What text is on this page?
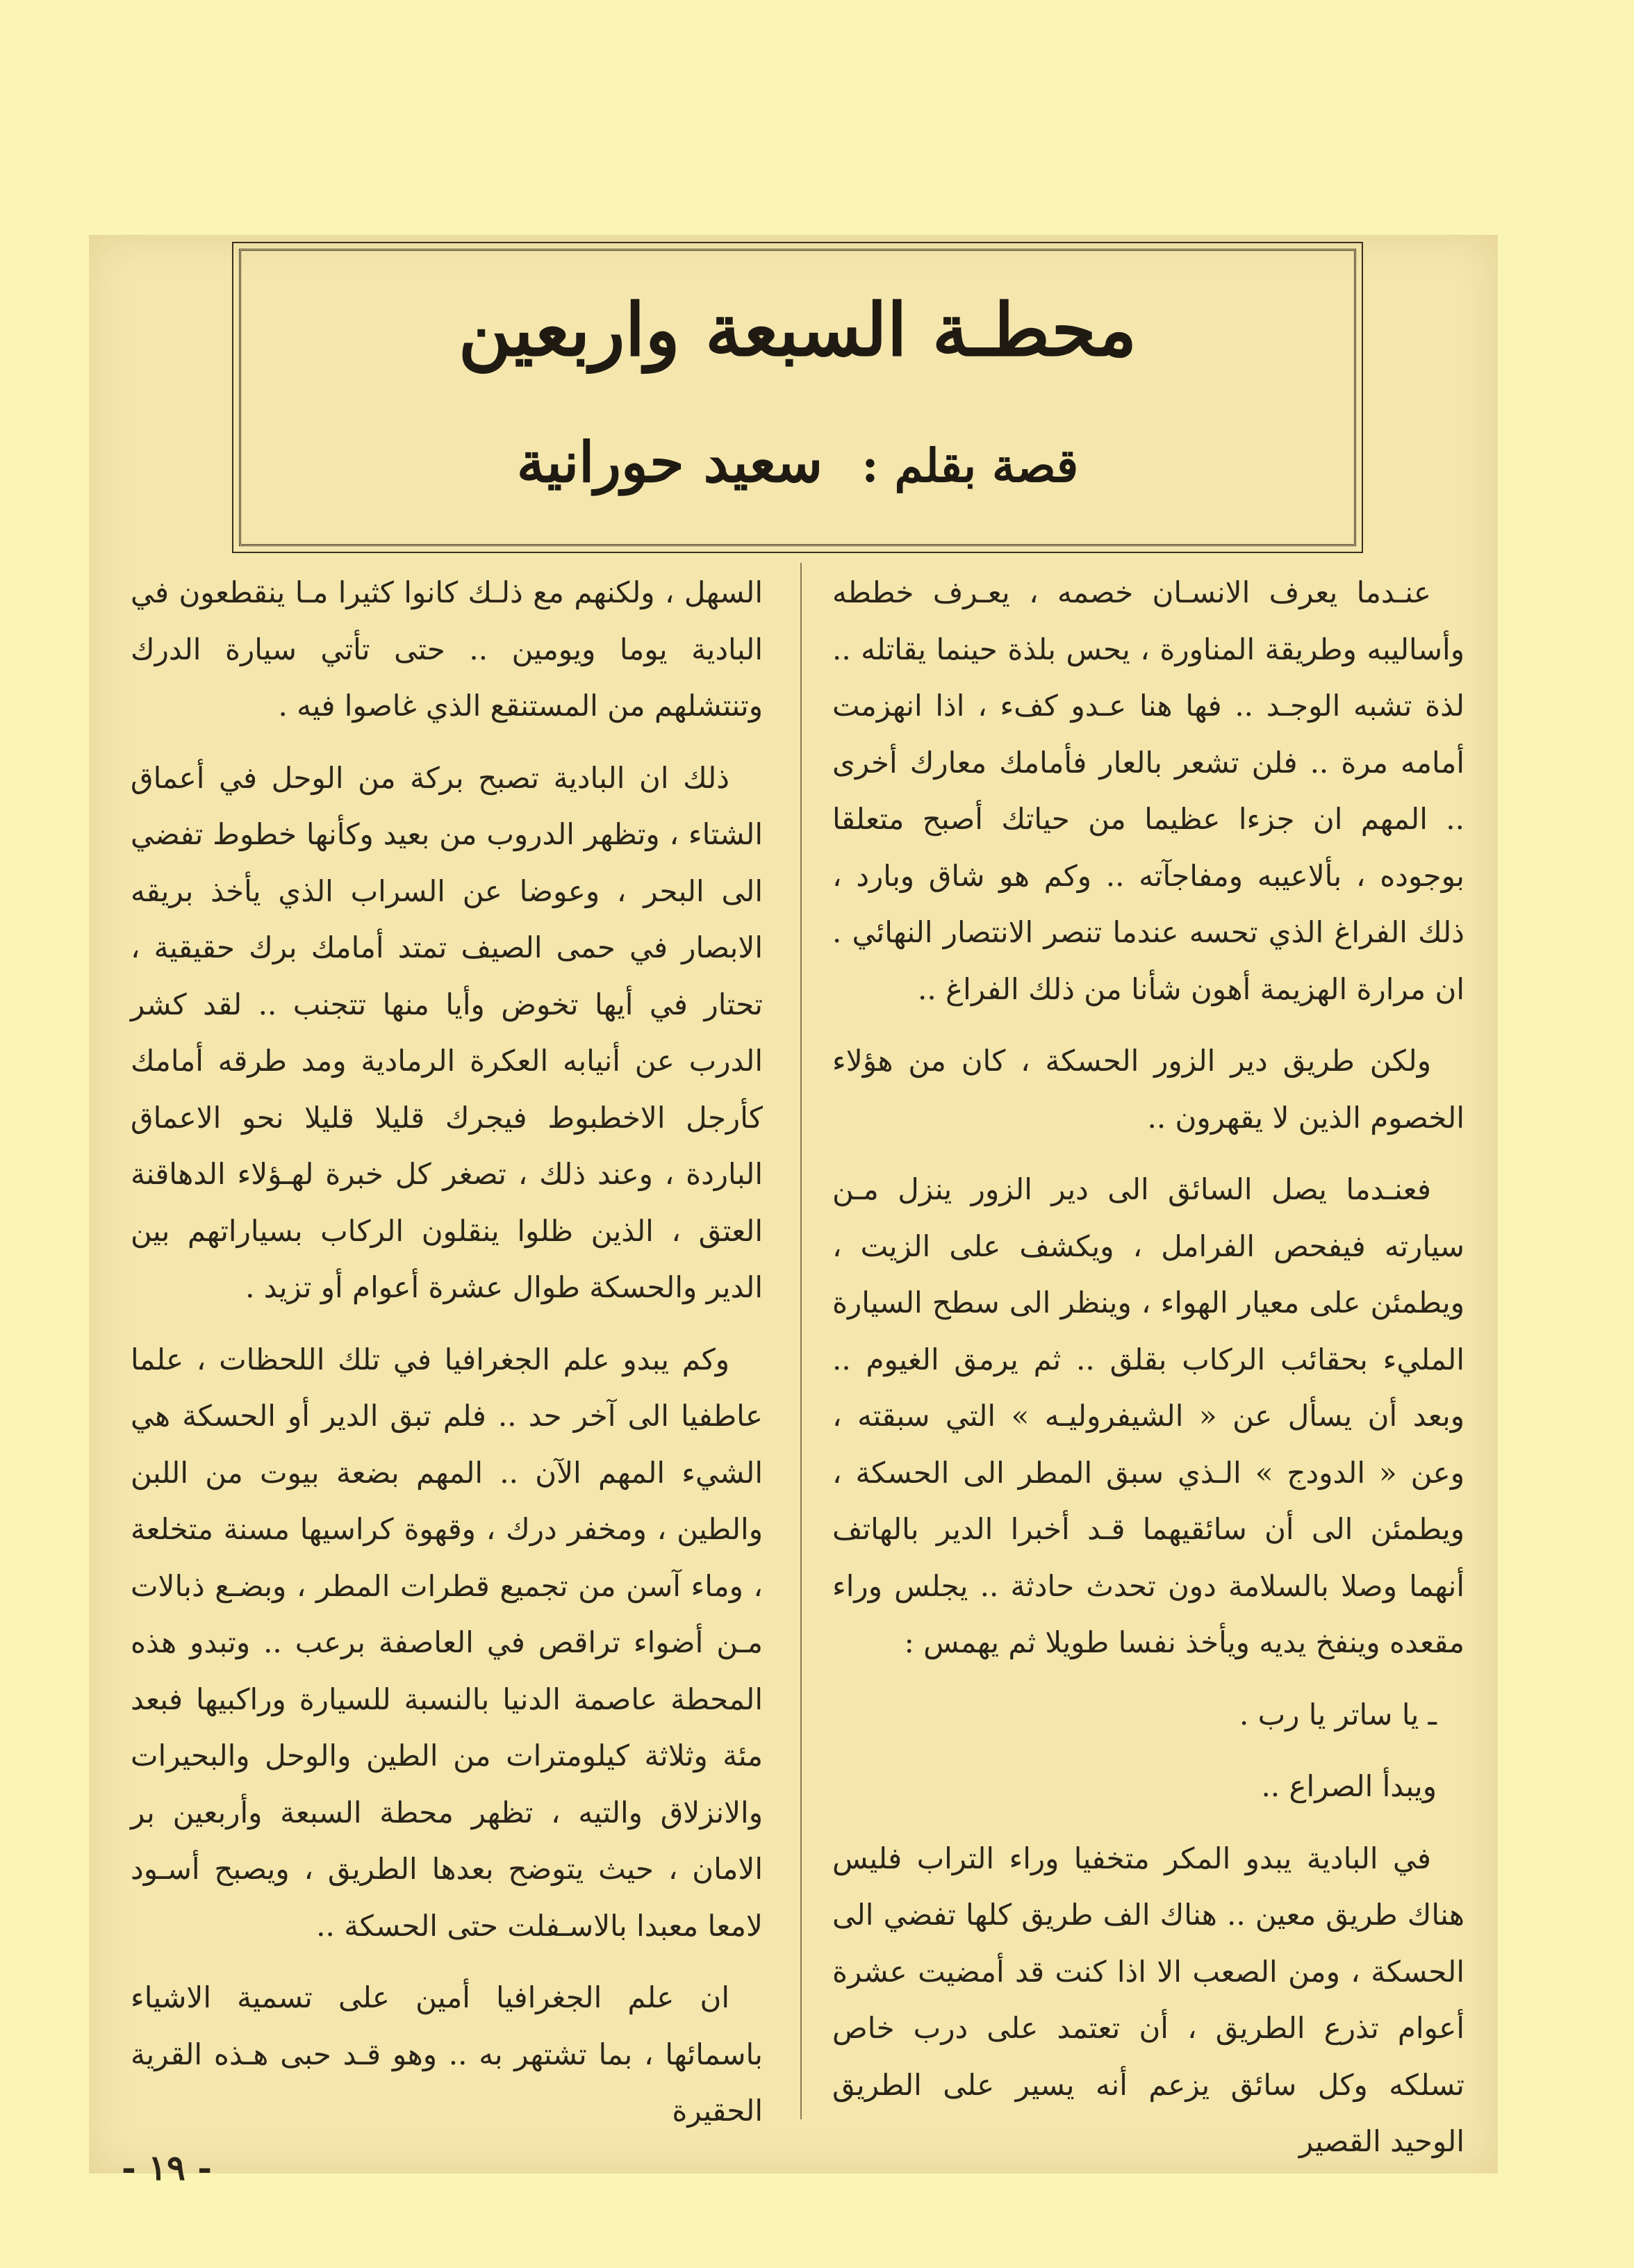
محطـة السبعة واربعين
قصة بقلم : سعيد حورانية

عنـدما يعرف الانسـان خصمه ، يعـرف خططه وأساليبه وطريقة المناورة ، يحس بلذة حينما يقاتله .. لذة تشبه الوجـد .. فها هنا عـدو كفء ، اذا انهزمت أمامه مرة .. فلن تشعر بالعار فأمامك معارك أخرى .. المهم ان جزءا عظيما من حياتك أصبح متعلقا بوجوده ، بألاعيبه ومفاجآته .. وكم هو شاق وبارد ، ذلك الفراغ الذي تحسه عندما تنصر الانتصار النهائي . ان مرارة الهزيمة أهون شأنا من ذلك الفراغ ..

ولكن طريق دير الزور الحسكة ، كان من هؤلاء الخصوم الذين لا يقهرون ..

فعنـدما يصل السائق الى دير الزور ينزل مـن سيارته فيفحص الفرامل ، ويكشف على الزيت ، ويطمئن على معيار الهواء ، وينظر الى سطح السيارة المليء بحقائب الركاب بقلق .. ثم يرمق الغيوم .. وبعد أن يسأل عن « الشيفروليـه » التي سبقته ، وعن « الدودج » الـذي سبق المطر الى الحسكة ، ويطمئن الى أن سائقيهما قـد أخبرا الدير بالهاتف أنهما وصلا بالسلامة دون تحدث حادثة .. يجلس وراء مقعده وينفخ يديه ويأخذ نفسا طويلا ثم يهمس :

ـ يا ساتر يا رب .

ويبدأ الصراع ..

في البادية يبدو المكر متخفيا وراء التراب فليس هناك طريق معين .. هناك الف طريق كلها تفضي الى الحسكة ، ومن الصعب الا اذا كنت قد أمضيت عشرة أعوام تذرع الطريق ، أن تعتمد على درب خاص تسلكه وكل سائق يزعم أنه يسير على الطريق الوحيد القصير

السهل ، ولكنهم مع ذلـك كانوا كثيرا مـا ينقطعون في البادية يوما ويومين .. حتى تأتي سيارة الدرك وتنتشلهم من المستنقع الذي غاصوا فيه .

ذلك ان البادية تصبح بركة من الوحل في أعماق الشتاء ، وتظهر الدروب من بعيد وكأنها خطوط تفضي الى البحر ، وعوضا عن السراب الذي يأخذ بريقه الابصار في حمى الصيف تمتد أمامك برك حقيقية ، تحتار في أيها تخوض وأيا منها تتجنب .. لقد كشر الدرب عن أنيابه العكرة الرمادية ومد طرقه أمامك كأرجل الاخطبوط فيجرك قليلا قليلا نحو الاعماق الباردة ، وعند ذلك ، تصغر كل خبرة لهـؤلاء الدهاقنة العتق ، الذين ظلوا ينقلون الركاب بسياراتهم بين الدير والحسكة طوال عشرة أعوام أو تزيد .

وكم يبدو علم الجغرافيا في تلك اللحظات ، علما عاطفيا الى آخر حد .. فلم تبق الدير أو الحسكة هي الشيء المهم الآن .. المهم بضعة بيوت من اللبن والطين ، ومخفر درك ، وقهوة كراسيها مسنة متخلعة ، وماء آسن من تجميع قطرات المطر ، وبضـع ذبالات مـن أضواء تراقص في العاصفة برعب .. وتبدو هذه المحطة عاصمة الدنيا بالنسبة للسيارة وراكبيها فبعد مئة وثلاثة كيلومترات من الطين والوحل والبحيرات والانزلاق والتيه ، تظهر محطة السبعة وأربعين بر الامان ، حيث يتوضح بعدها الطريق ، ويصبح أسـود لامعا معبدا بالاسـفلت حتى الحسكة ..

ان علم الجغرافيا أمين على تسمية الاشياء باسمائها ، بما تشتهر به .. وهو قـد حبى هـذه القرية الحقيرة

- ١٩ -
